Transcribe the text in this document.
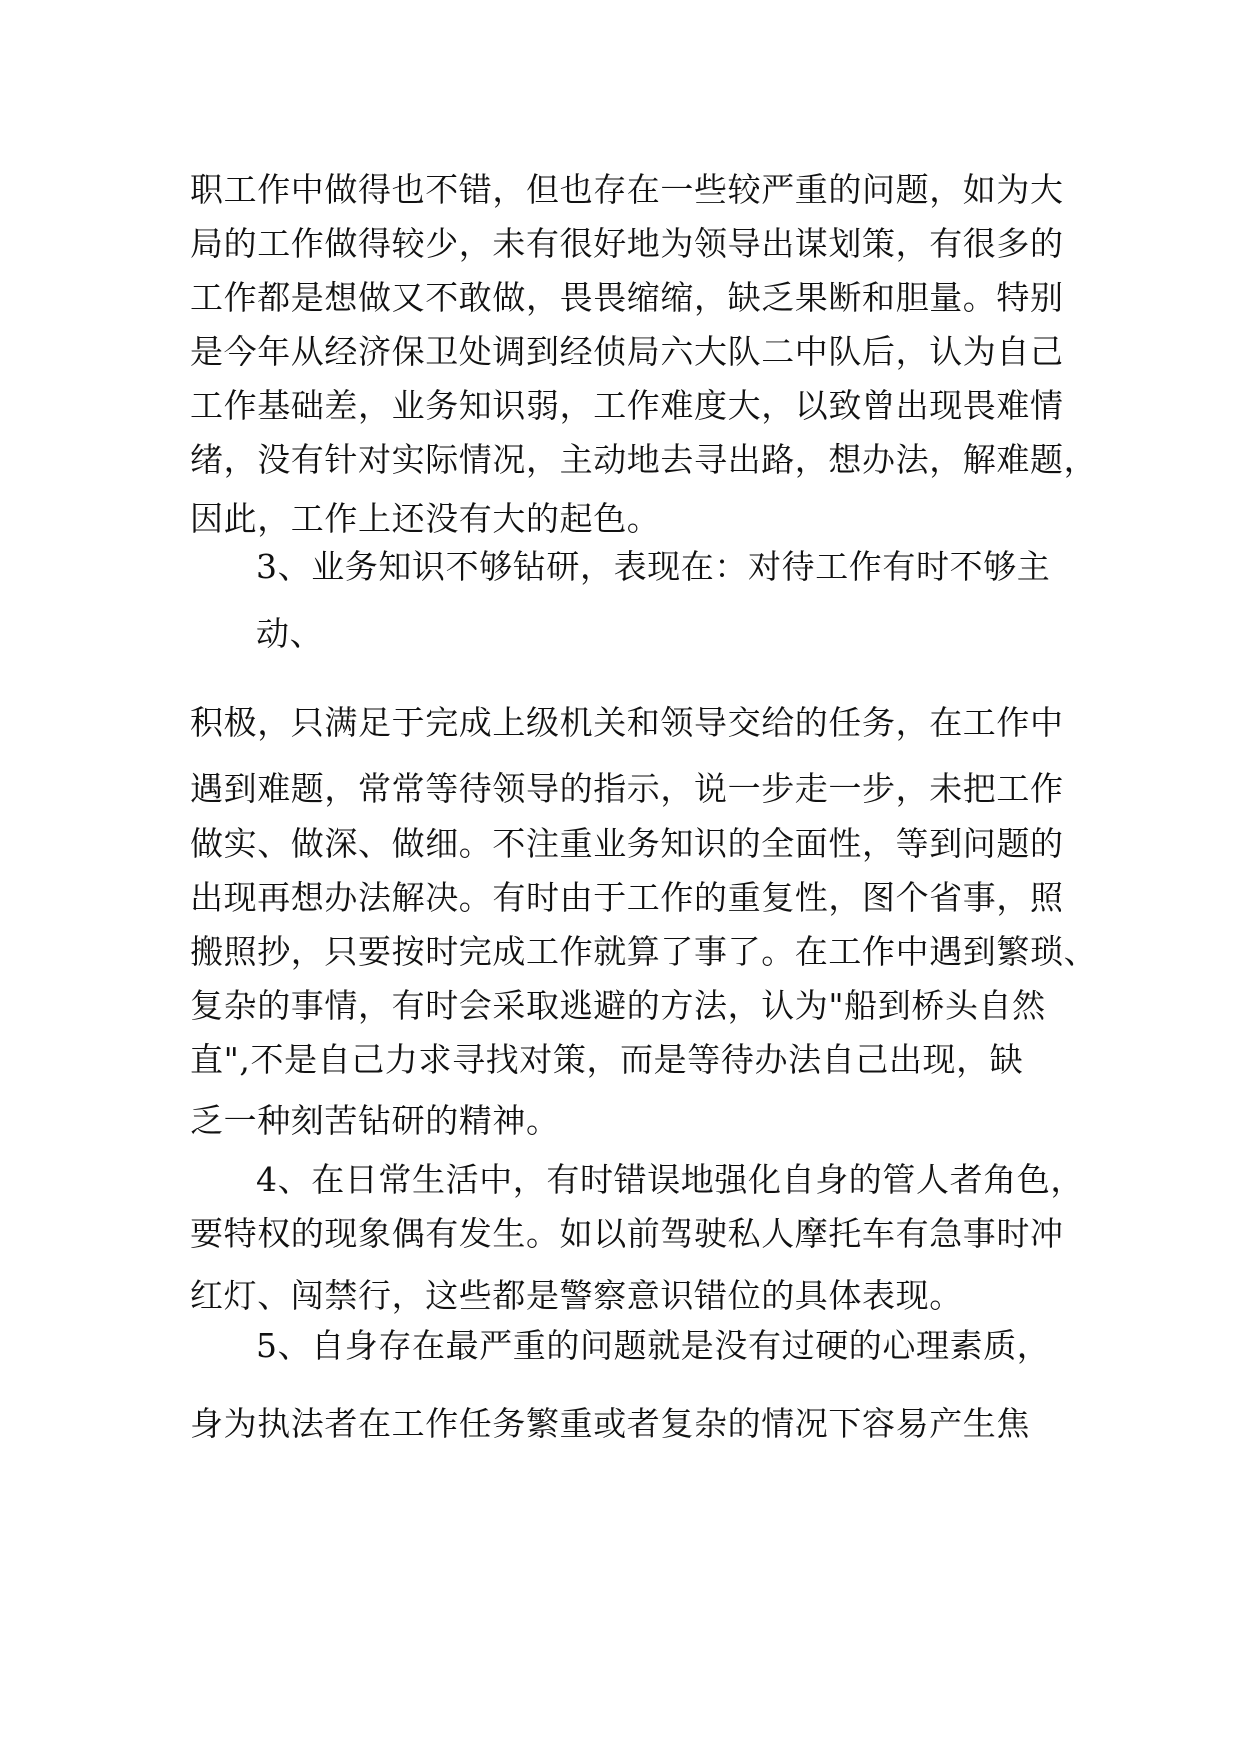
职工作中做得也不错，但也存在一些较严重的问题，如为大
局的工作做得较少，未有很好地为领导出谋划策，有很多的
工作都是想做又不敢做，畏畏缩缩，缺乏果断和胆量。特别
是今年从经济保卫处调到经侦局六大队二中队后，认为自己
工作基础差，业务知识弱，工作难度大，以致曾出现畏难情
绪，没有针对实际情况，主动地去寻出路，想办法，解难题，
因此，工作上还没有大的起色。
3、业务知识不够钻研，表现在：对待工作有时不够主
动、
积极，只满足于完成上级机关和领导交给的任务，在工作中
遇到难题，常常等待领导的指示，说一步走一步，未把工作
做实、做深、做细。不注重业务知识的全面性，等到问题的
出现再想办法解决。有时由于工作的重复性，图个省事，照
搬照抄，只要按时完成工作就算了事了。在工作中遇到繁琐、
复杂的事情，有时会采取逃避的方法，认为"船到桥头自然
直",不是自己力求寻找对策，而是等待办法自己出现，缺
乏一种刻苦钻研的精神。
4、在日常生活中，有时错误地强化自身的管人者角色，
要特权的现象偶有发生。如以前驾驶私人摩托车有急事时冲
红灯、闯禁行，这些都是警察意识错位的具体表现。
5、自身存在最严重的问题就是没有过硬的心理素质，
身为执法者在工作任务繁重或者复杂的情况下容易产生焦
